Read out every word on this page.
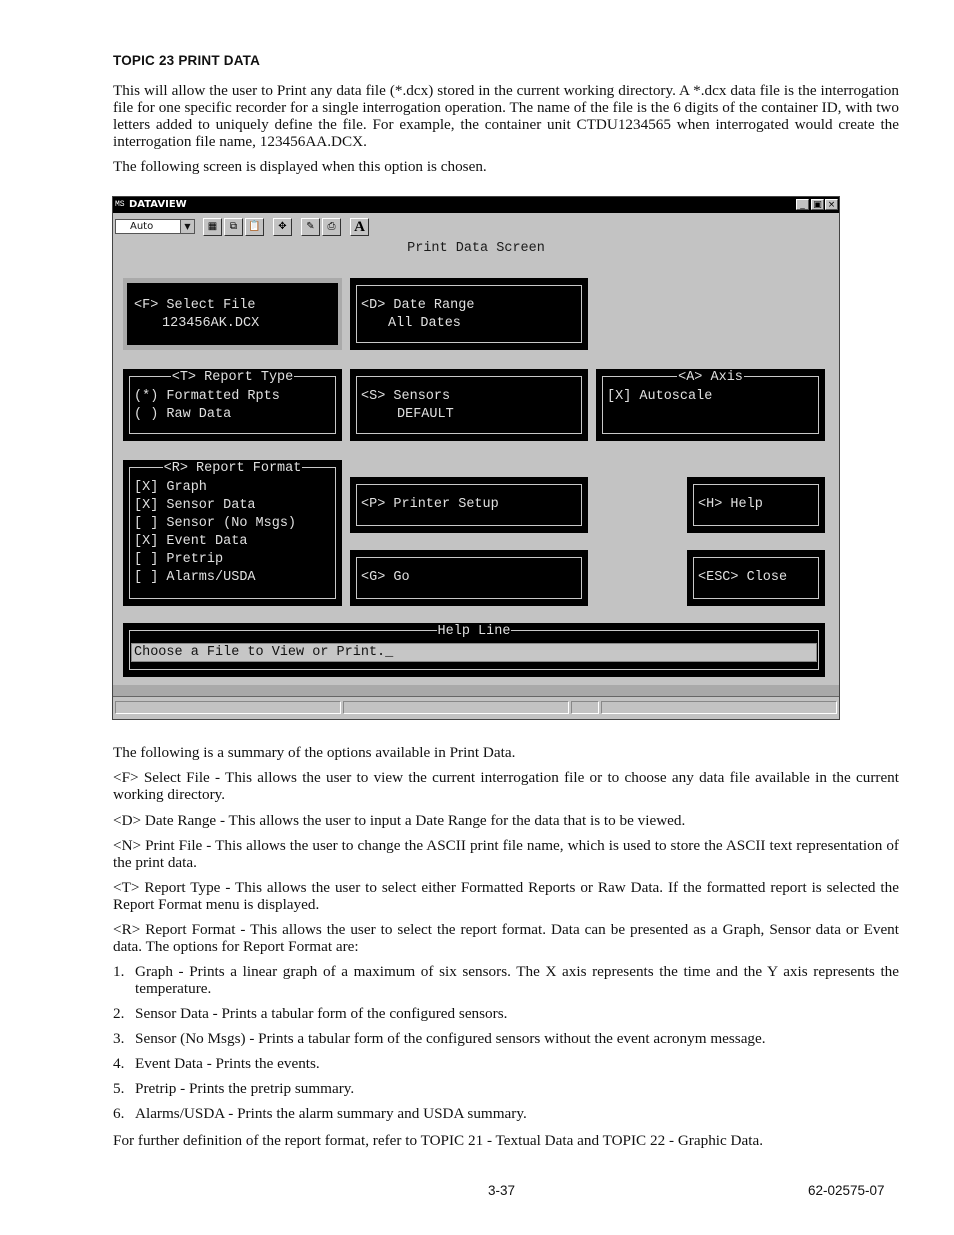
TOPIC 23 PRINT DATA

This will allow the user to Print any data file (*.dcx) stored in the current working directory. A *.dcx data file is the interrogation file for one specific recorder for a single interrogation operation. The name of the file is the 6 digits of the container ID, with two letters added to uniquely define the file. For example, the container unit CTDU1234565 when interrogated would create the interrogation file name, 123456AA.DCX.

The following screen is displayed when this option is chosen.

MS DATAVIEW	_ ▣ ×
Auto	▼	▦	⧉	📋	✥	✎	⎙	A
Print Data Screen
<F> Select File
123456AK.DCX
<D> Date Range
All Dates
<T> Report Type
(*) Formatted Rpts
( ) Raw Data
<S> Sensors
DEFAULT
<A> Axis
[X] Autoscale
<R> Report Format
[X] Graph
[X] Sensor Data
[ ] Sensor (No Msgs)
[X] Event Data
[ ] Pretrip
[ ] Alarms/USDA
<P> Printer Setup	<H> Help
<G> Go	<ESC> Close
Help Line
Choose a File to View or Print._

The following is a summary of the options available in Print Data.

<F> Select File - This allows the user to view the current interrogation file or to choose any data file available in the current working directory.

<D> Date Range - This allows the user to input a Date Range for the data that is to be viewed.

<N> Print File - This allows the user to change the ASCII print file name, which is used to store the ASCII text representation of the print data.

<T> Report Type - This allows the user to select either Formatted Reports or Raw Data. If the formatted report is selected the Report Format menu is displayed.

<R> Report Format - This allows the user to select the report format. Data can be presented as a Graph, Sensor data or Event data. The options for Report Format are:

1. Graph - Prints a linear graph of a maximum of six sensors. The X axis represents the time and the Y axis represents the temperature.
2. Sensor Data - Prints a tabular form of the configured sensors.
3. Sensor (No Msgs) - Prints a tabular form of the configured sensors without the event acronym message.
4. Event Data - Prints the events.
5. Pretrip - Prints the pretrip summary.
6. Alarms/USDA - Prints the alarm summary and USDA summary.

For further definition of the report format, refer to TOPIC 21 - Textual Data and TOPIC 22 - Graphic Data.

3-37	62-02575-07
